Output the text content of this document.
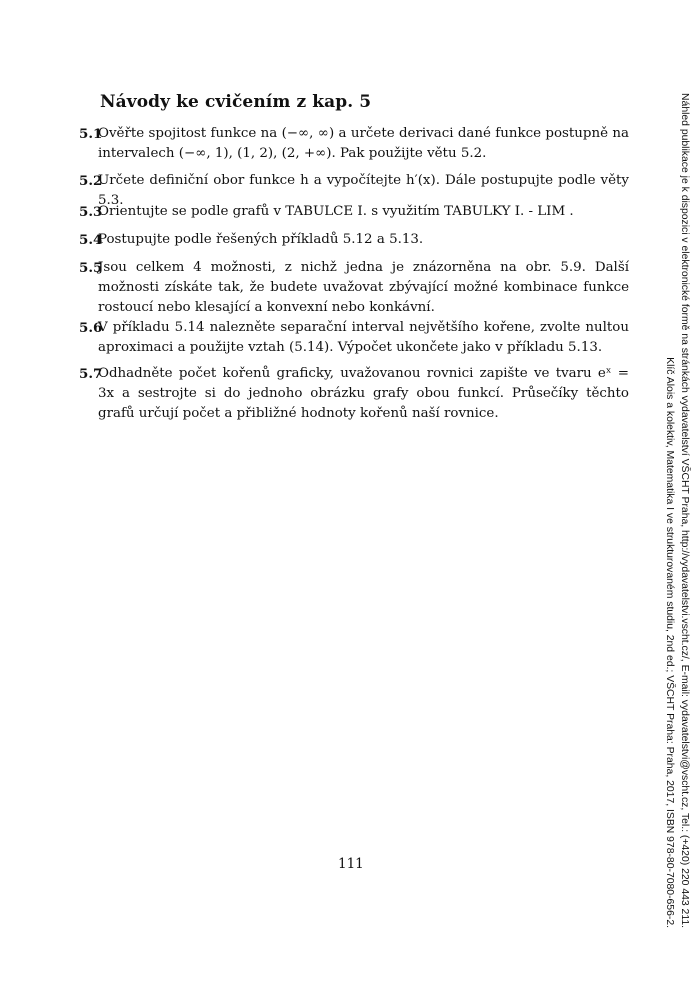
Návody ke cvičením z kap. 5
5.1
Ověřte spojitost funkce na (−∞, ∞) a určete derivaci dané funkce postupně na intervalech (−∞, 1), (1, 2), (2, +∞). Pak použijte větu 5.2.
5.2
Určete definiční obor funkce h a vypočítejte h′(x). Dále postupujte podle věty 5.3.
5.3
Orientujte se podle grafů v TABULCE I. s využitím TABULKY I. - LIM .
5.4
Postupujte podle řešených příkladů 5.12 a 5.13.
5.5
Jsou celkem 4 možnosti, z nichž jedna je znázorněna na obr. 5.9. Další možnosti získáte tak, že budete uvažovat zbývající možné kombinace funkce rostoucí nebo klesající a konvexní nebo konkávní.
5.6
V příkladu 5.14 nalezněte separační interval největšího kořene, zvolte nultou aproximaci a použijte vztah (5.14). Výpočet ukončete jako v příkladu 5.13.
5.7
Odhadněte počet kořenů graficky, uvažovanou rovnici zapište ve tvaru eˣ = 3x a sestrojte si do jednoho obrázku grafy obou funkcí. Průsečíky těchto grafů určují počet a přibližné hodnoty kořenů naší rovnice.
111	Náhled publikace je k dispozici v elektronické formě na stránkách vydavatelství VŠCHT Praha, http://vydavatelstvi.vscht.cz/, E-mail: vydavatelstvi@vscht.cz, Tel.: (+420) 220 443 211.
Klíč Alois a kolektiv, Matematika I ve strukturovaném studiu, 2nd ed.; VŠCHT Praha: Praha, 2017, ISBN 978-80-7080-656-2.
